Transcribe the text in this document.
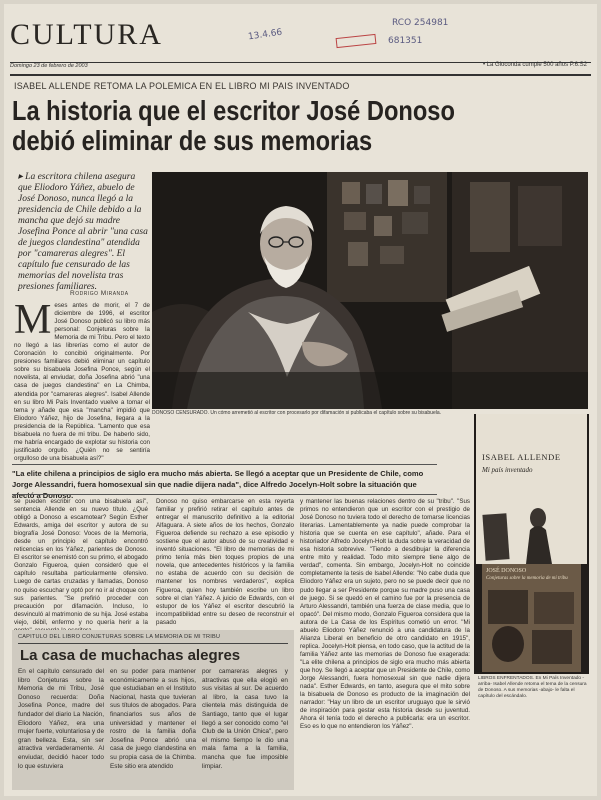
CULTURA	13.4.66
RCO 254981
681351
Domingo 23 de febrero de 2003	• La Gioconda cumple 500 años P.6.S2
ISABEL ALLENDE RETOMA LA POLEMICA EN EL LIBRO MI PAIS INVENTADO
La historia que el escritor José Donoso
debió eliminar de sus memorias
▸ La escritora chilena asegura que Eliodoro Yáñez, abuelo de José Donoso, nunca llegó a la presidencia de Chile debido a la mancha que dejó su madre Josefina Ponce al abrir "una casa de juegos clandestina" atendida por "camareras alegres". El capítulo fue censurado de las memorias del novelista tras presiones familiares.
Rodrigo Miranda
DONOSO CENSURADO. Un cómo arremetió al escritor con procesarlo por difamación si publicaba el capítulo sobre su bisabuela.
Meses antes de morir, el 7 de diciembre de 1996, el escritor José Donoso publicó su libro más personal: Conjeturas sobre la Memoria de mi Tribu. Pero el texto no llegó a las librerías como el autor de Coronación lo concibió originalmente. Por presiones familiares debió eliminar un capítulo sobre su bisabuela Josefina Ponce, según el novelista, al enviudar, doña Josefina abrió "una casa de juegos clandestina" en La Chimba, atendida por "camareras alegres". Isabel Allende en su libro Mi País Inventado vuelve a tomar el tema y añade que esa "mancha" impidió que Eliodoro Yáñez, hijo de Josefina, llegara a la presidencia de la República. "Lamento que esa bisabuela no fuera de mi tribu. De haberlo sido, me habría encargado de explotar su historia con justificado orgullo. ¿Quién no se sentiría orgulloso de una bisabuela así?"
"La elite chilena a principios de siglo era mucho más abierta. Se llegó a aceptar que un Presidente de Chile, como Jorge Alessandri, fuera homosexual sin que nadie dijera nada", dice Alfredo Jocelyn-Holt sobre la situación que afectó a Donoso.
se pueden escribir con una bisabuela así", sentencia Allende en su nuevo título. ¿Qué obligó a Donoso a escamotear? Según Esther Edwards, amiga del escritor y autora de su biografía José Donoso: Voces de la Memoria, desde un principio el capítulo encontró reticencias en los Yáñez, parientes de Donoso. El escritor se enemistó con su primo, el abogado Gonzalo Figueroa, quien consideró que el capítulo resultaba particularmente ofensivo. Luego de cartas cruzadas y llamadas, Donoso no quiso escuchar y optó por no ir al choque con sus parientes. "Se prefirió proceder con precaución por difamación. Incluso, lo desvinculó al matrimonio de su hija. José estaba viejo, débil, enfermo y no quería herir a la
Donoso no quiso embarcarse en esta reyerta familiar y prefirió retirar el capítulo antes de entregar el manuscrito definitivo a la editorial Alfaguara. A siete años de los hechos, Gonzalo Figueroa defiende su rechazo a ese episodio y sostiene que el autor abusó de su creatividad e inventó situaciones. "El libro de memorias de mi primo tenía más bien toques propios de una novela, que antecedentes históricos y la familia no estaba de acuerdo con su decisión de mantener los nombres verdaderos", explica Figueroa, quien hoy también escribe un libro sobre el clan Yáñez. A juicio de Edwards, con el estupor de los Yáñez el escritor descubrió la incompatibilidad entre su deseo de reconstruir el pasado
y mantener las buenas relaciones dentro de su "tribu". "Sus primos no entendieron que un escritor con el prestigio de José Donoso no tuviera todo el derecho de tomarse licencias literarias. Lamentablemente ya nadie puede comprobar la historia que se cuenta en ese capítulo", añade. Para el historiador Alfredo Jocelyn-Holt la duda sobre la veracidad de esa historia sobrevive. "Tiendo a desdibujar la diferencia entre mito y realidad. Todo mito siempre tiene algo de verdad", comenta. Sin embargo, Jocelyn-Holt no coincide completamente la tesis de Isabel Allende: "No cabe duda que Eliodoro Yáñez era un sujeto, pero no se puede decir que no pudo llegar a ser Presidente porque su madre puso una casa de juego. Si se quedó en el camino fue por la presencia de Arturo Alessandri, también una fuerza de clase media, que lo opacó". Del mismo modo, Gonzalo Figueroa considera que la autora de La Casa de los Espíritus cometió un error. "Mi abuelo Eliodoro Yáñez renunció a una candidatura de la Alianza Liberal en beneficio de otro candidato en 1915", replica. Jocelyn-Holt piensa, en todo caso, que la actitud de la familia Yáñez ante las memorias de Donoso fue exagerada: "La elite chilena a principios de siglo era mucho más abierta que hoy. Se llegó a aceptar que un Presidente de Chile, como Jorge Alessandri, fuera homosexual sin que nadie dijera nada". Esther Edwards, en tanto, asegura que el mito sobre la bisabuela de Donoso es producto de la imaginación del narrador: "Hay un libro de un escritor uruguayo que le sirvió de inspiración para gestar esta historia desde su juventud. Ahora él tenía todo el derecho a publicarla: era un escritor. Eso es lo que no entendieron los Yáñez".
CAPITULO DEL LIBRO CONJETURAS SOBRE LA MEMORIA DE MI TRIBU
La casa de muchachas alegres
En el capítulo censurado del libro Conjeturas sobre la Memoria de mi Tribu, José Donoso recuerda: Doña Josefina Ponce, madre del fundador del diario La Nación, Eliodoro Yáñez, era una mujer fuerte, voluntariosa y de gran belleza. Esta, sin ser atractiva verdaderamente. Al enviudar, decidió hacer todo lo que estuviera
en su poder para mantener económicamente a sus hijos, que estudiaban en el Instituto Nacional, hasta que tuvieran sus títulos de abogados. Para financiarlos sus años de universidad y mantener el rostro de la familia doña Josefina Ponce abrió una casa de juego clandestina en su propia casa de la Chimba. Este sitio era atendido
por camareras alegres y atractivas que ella elogió en sus visitas al sur. De acuerdo al libro, la casa tuvo la clientela más distinguida de Santiago, tanto que el lugar llegó a ser conocido como "el Club de la Unión Chica", pero el mismo tiempo le dio una mala fama a la familia, mancha que fue imposible limpiar.
ISABEL ALLENDE
Mi país inventado
JOSÉ DONOSO
Conjeturas sobre la memoria de mi tribu
LIBROS ENFRENTADOS. En Mi País Inventado -arriba- Isabel Allende retoma el tema de la censura de Donoso. A sus memorias -abajo- le falta el capítulo del escándalo.
